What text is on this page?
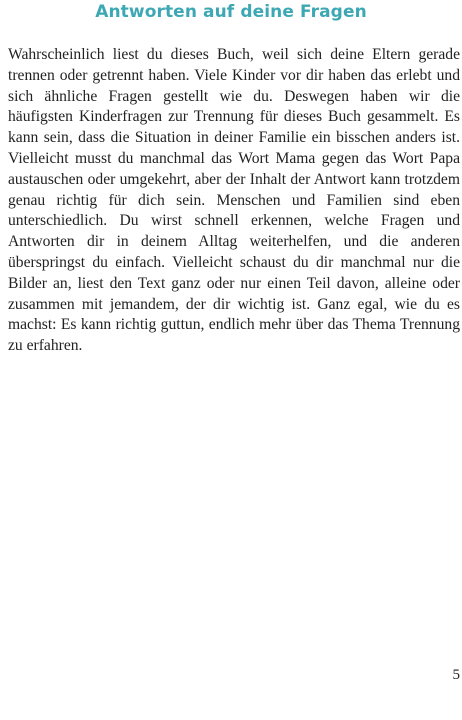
Antworten auf deine Fragen

Wahrscheinlich liest du dieses Buch, weil sich deine Eltern gerade trennen oder getrennt haben. Viele Kinder vor dir haben das erlebt und sich ähnliche Fragen gestellt wie du. Deswegen haben wir die häufigsten Kinderfragen zur Trennung für dieses Buch gesammelt. Es kann sein, dass die Situation in deiner Familie ein bisschen anders ist. Vielleicht musst du manchmal das Wort Mama gegen das Wort Papa austauschen oder umgekehrt, aber der Inhalt der Antwort kann trotzdem genau richtig für dich sein. Menschen und Familien sind eben unterschiedlich. Du wirst schnell erkennen, welche Fragen und Antworten dir in deinem Alltag weiterhelfen, und die anderen überspringst du einfach. Vielleicht schaust du dir manchmal nur die Bilder an, liest den Text ganz oder nur einen Teil davon, alleine oder zusammen mit jemandem, der dir wichtig ist. Ganz egal, wie du es machst: Es kann richtig guttun, endlich mehr über das Thema Trennung zu erfahren.

5
